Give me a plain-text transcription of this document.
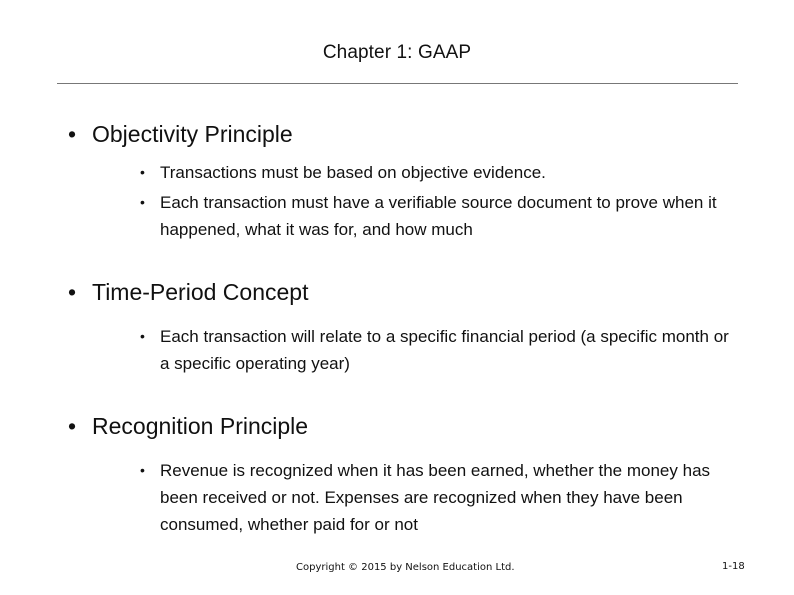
Chapter 1: GAAP
• Objectivity Principle
• Transactions must be based on objective evidence.
• Each transaction must have a verifiable source document to prove when it happened, what it was for, and how much
• Time-Period Concept
• Each transaction will relate to a specific financial period (a specific month or a specific operating year)
• Recognition Principle
• Revenue is recognized when it has been earned, whether the money has been received or not. Expenses are recognized when they have been consumed, whether paid for or not
Copyright © 2015 by Nelson Education Ltd.	1-18
